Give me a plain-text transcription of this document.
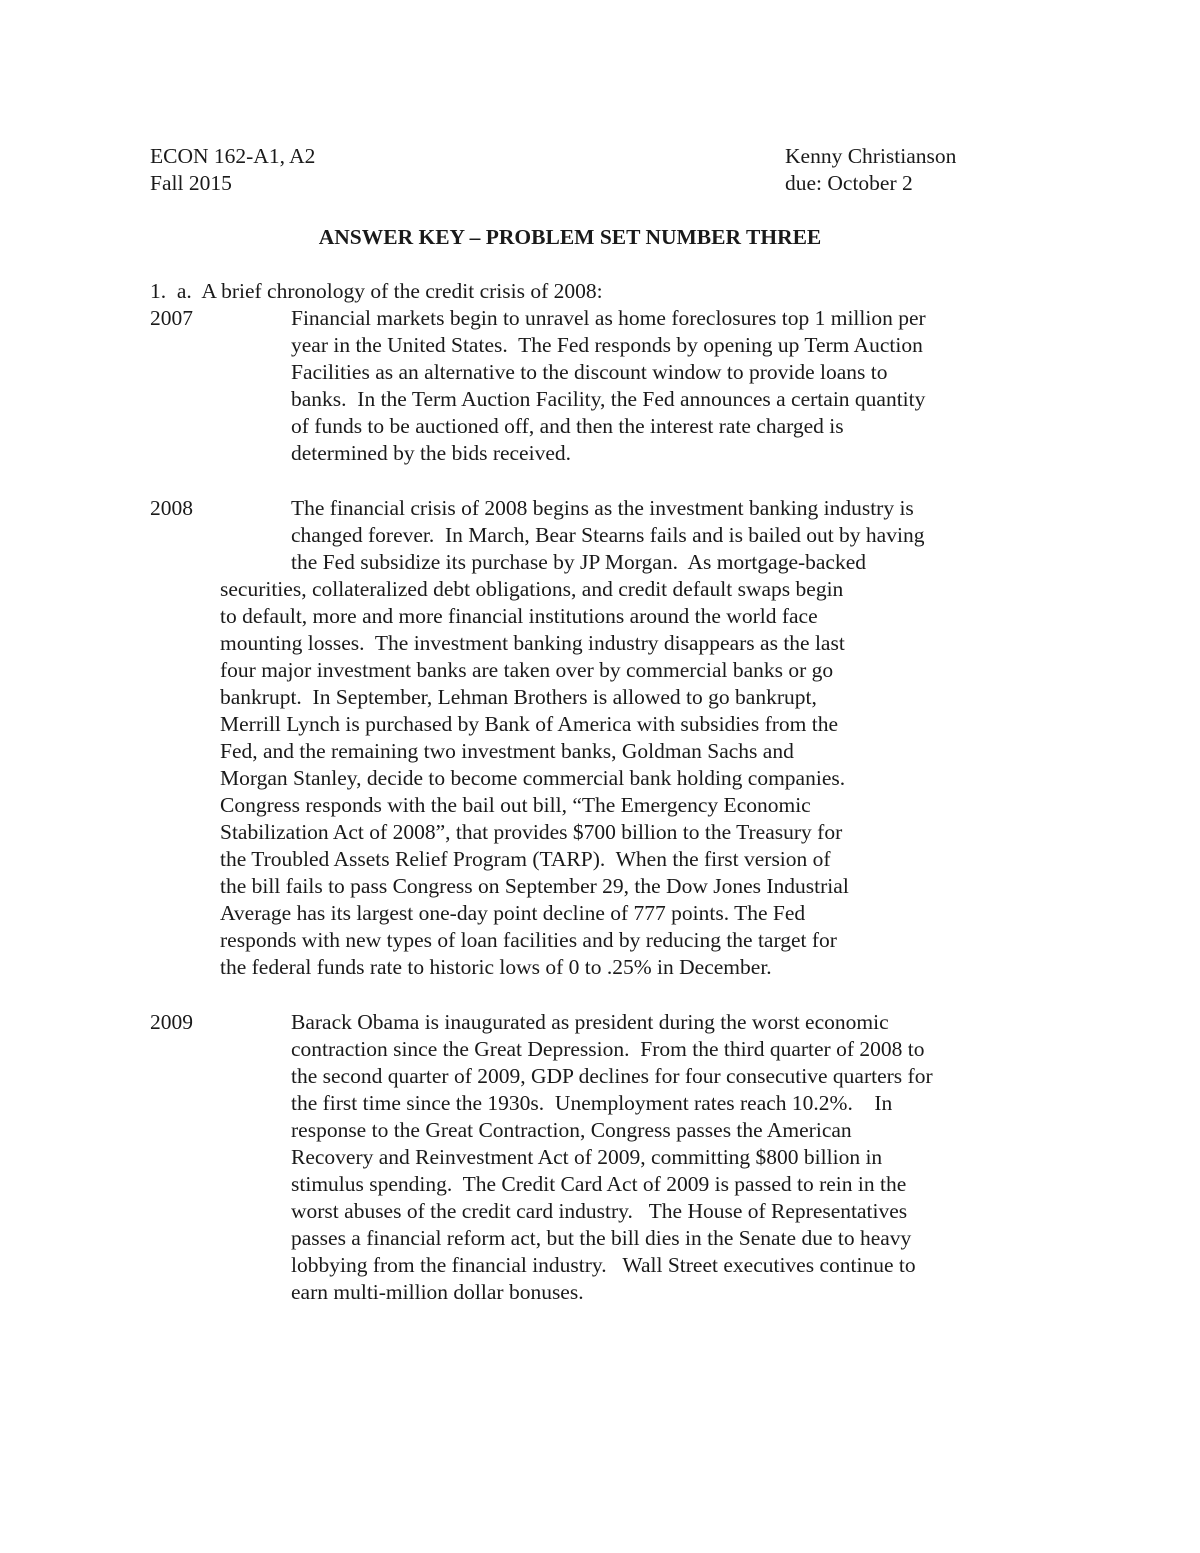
ECON 162-A1, A2
Fall 2015
Kenny Christianson
due: October 2
ANSWER KEY – PROBLEM SET NUMBER THREE
1.  a.  A brief chronology of the credit crisis of 2008:
2007	Financial markets begin to unravel as home foreclosures top 1 million per
year in the United States.  The Fed responds by opening up Term Auction
Facilities as an alternative to the discount window to provide loans to
banks.  In the Term Auction Facility, the Fed announces a certain quantity
of funds to be auctioned off, and then the interest rate charged is
determined by the bids received.
2008	The financial crisis of 2008 begins as the investment banking industry is
changed forever.  In March, Bear Stearns fails and is bailed out by having
the Fed subsidize its purchase by JP Morgan.  As mortgage-backed
securities, collateralized debt obligations, and credit default swaps begin
to default, more and more financial institutions around the world face
mounting losses.  The investment banking industry disappears as the last
four major investment banks are taken over by commercial banks or go
bankrupt.  In September, Lehman Brothers is allowed to go bankrupt,
Merrill Lynch is purchased by Bank of America with subsidies from the
Fed, and the remaining two investment banks, Goldman Sachs and
Morgan Stanley, decide to become commercial bank holding companies.
Congress responds with the bail out bill, “The Emergency Economic
Stabilization Act of 2008”, that provides $700 billion to the Treasury for
the Troubled Assets Relief Program (TARP).  When the first version of
the bill fails to pass Congress on September 29, the Dow Jones Industrial
Average has its largest one-day point decline of 777 points. The Fed
responds with new types of loan facilities and by reducing the target for
the federal funds rate to historic lows of 0 to .25% in December.
2009	Barack Obama is inaugurated as president during the worst economic
contraction since the Great Depression.  From the third quarter of 2008 to
the second quarter of 2009, GDP declines for four consecutive quarters for
the first time since the 1930s.  Unemployment rates reach 10.2%.    In
response to the Great Contraction, Congress passes the American
Recovery and Reinvestment Act of 2009, committing $800 billion in
stimulus spending.  The Credit Card Act of 2009 is passed to rein in the
worst abuses of the credit card industry.   The House of Representatives
passes a financial reform act, but the bill dies in the Senate due to heavy
lobbying from the financial industry.   Wall Street executives continue to
earn multi-million dollar bonuses.
